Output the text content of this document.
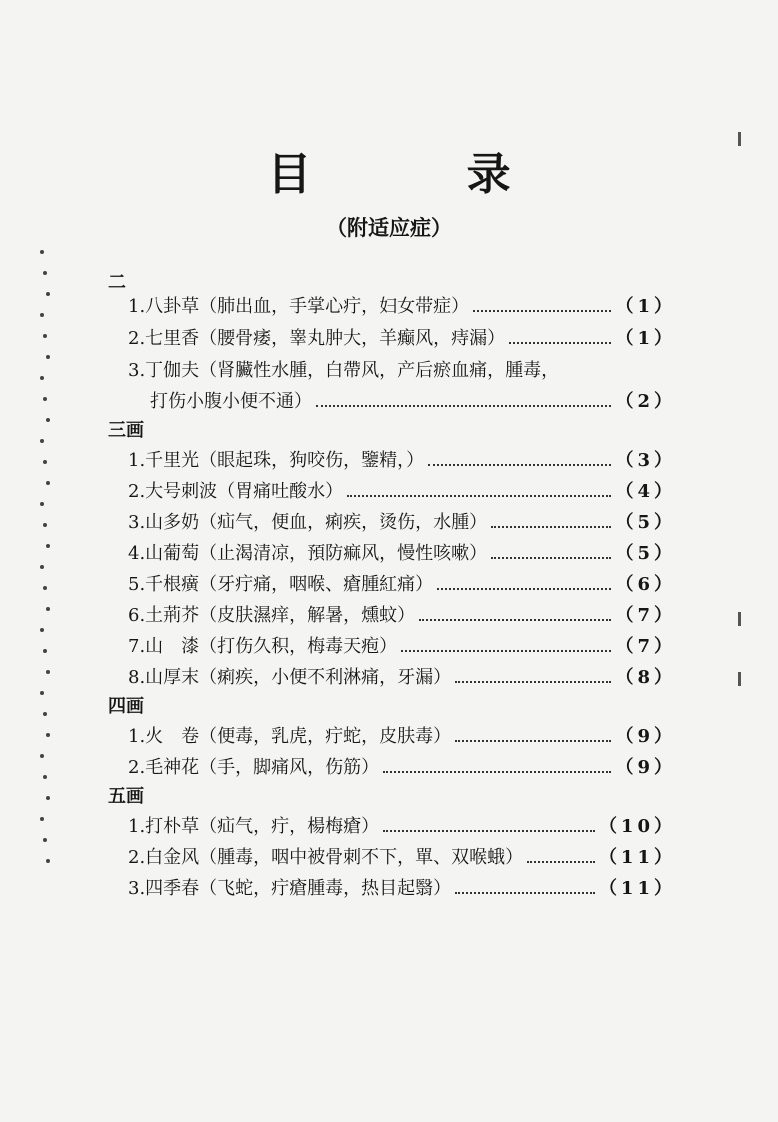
目 录
（附适应症）
二
1.八卦草（肺出血，手掌心疔，妇女带症）	（1）
2.七里香（腰骨痿，睾丸肿大，羊癫风，痔漏）	（1）
3.丁伽夫（肾臟性水腫，白帶风，产后瘀血痛，腫毒，
打伤小腹小便不通）	（2）
三画
1.千里光（眼起珠，狗咬伤，鑒精，）	（3）
2.大号刺波（胃痛吐酸水）	（4）
3.山多奶（疝气，便血，痢疾，烫伤，水腫）	（5）
4.山葡萄（止渴清凉，預防痲风，慢性咳嗽）	（5）
5.千根癀（牙疔痛，咽喉、瘡腫紅痛）	（6）
6.土荊芥（皮肤濕痒，解暑，燻蚊）	（7）
7.山　漆（打伤久积，梅毒天疱）	（7）
8.山厚末（痢疾，小便不利淋痛，牙漏）	（8）
四画
1.火　卷（便毒，乳虎，疔蛇，皮肤毒）	（9）
2.毛神花（手，脚痛风，伤筋）	（9）
五画
1.打朴草（疝气，疔，楊梅瘡）	（10）
2.白金风（腫毒，咽中被骨刺不下，單、双喉蛾）	（11）
3.四季春（飞蛇，疔瘡腫毒，热目起翳）	（11）
